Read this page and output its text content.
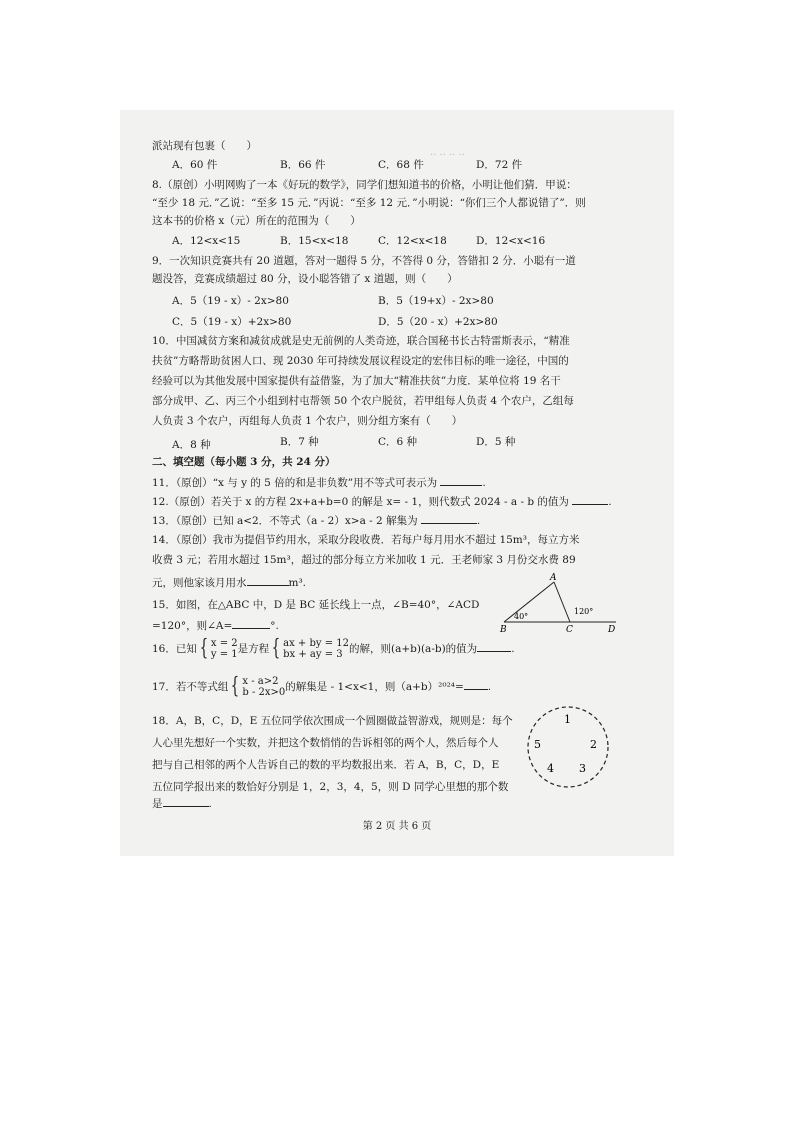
·· ·· ·· ··
派站现有包裹（　　）
A．60 件	B．66 件	C．68 件	D．72 件
8.（原创）小明网购了一本《好玩的数学》，同学们想知道书的价格，小明让他们猜．甲说：
“至少 18 元．”乙说：“至多 15 元．”丙说：“至多 12 元．”小明说：“你们三个人都说错了”．则
这本书的价格 x（元）所在的范围为（　　）
A．12<x<15	B．15<x<18	C．12<x<18	D．12<x<16
9．一次知识竞赛共有 20 道题，答对一题得 5 分，不答得 0 分，答错扣 2 分．小聪有一道
题没答，竞赛成绩超过 80 分，设小聪答错了 x 道题，则（　　）
A．5（19 - x）- 2x>80	B．5（19+x）- 2x>80
C．5（19 - x）+2x>80	D．5（20 - x）+2x>80
10．中国减贫方案和减贫成就是史无前例的人类奇迹，联合国秘书长古特雷斯表示，“精准
扶贫”方略帮助贫困人口、现 2030 年可持续发展议程设定的宏伟目标的唯一途径，中国的
经验可以为其他发展中国家提供有益借鉴，为了加大“精准扶贫”力度．某单位将 19 名干
部分成甲、乙、丙三个小组到村屯帮领 50 个农户脱贫，若甲组每人负责 4 个农户，乙组每
人负责 3 个农户，丙组每人负责 1 个农户，则分组方案有（　　）
A．8 种	B．7 种	C．6 种	D．5 种
二、填空题（每小题 3 分，共 24 分）
11．（原创）“x 与 y 的 5 倍的和是非负数”用不等式可表示为	.
12.（原创）若关于 x 的方程 2x+a+b=0 的解是 x= - 1，则代数式 2024 - a - b 的值为	.
13．（原创）已知 a<2．不等式（a - 2）x>a - 2 解集为	.
14．（原创）我市为提倡节约用水，采取分段收费．若每户每月用水不超过 15m³，每立方米
收费 3 元；若用水超过 15m³，超过的部分每立方米加收 1 元．王老师家 3 月份交水费 89
元，则他家该月用水	m³.
15．如图，在△ABC 中，D 是 BC 延长线上一点，∠B=40°，∠ACD
=120°，则∠A=	°.
A
B	C	D
40°
120°
16．已知 { x = 2
y = 1是方程 { ax + by = 12
bx + ay = 3 的解，则(a+b)(a-b)的值为	.
17．若不等式组 { x - a>2
b - 2x>0的解集是 - 1<x<1，则（a+b）²⁰²⁴= .
18．A，B，C，D，E 五位同学依次围成一个圆圈做益智游戏，规则是：每个
人心里先想好一个实数，并把这个数悄悄的告诉相邻的两个人，然后每个人
把与自己相邻的两个人告诉自己的数的平均数报出来．若 A，B，C，D，E
五位同学报出来的数恰好分别是 1，2，3，4，5，则 D 同学心里想的那个数
是	.
1
2
3
4
5
第 2 页 共 6 页
